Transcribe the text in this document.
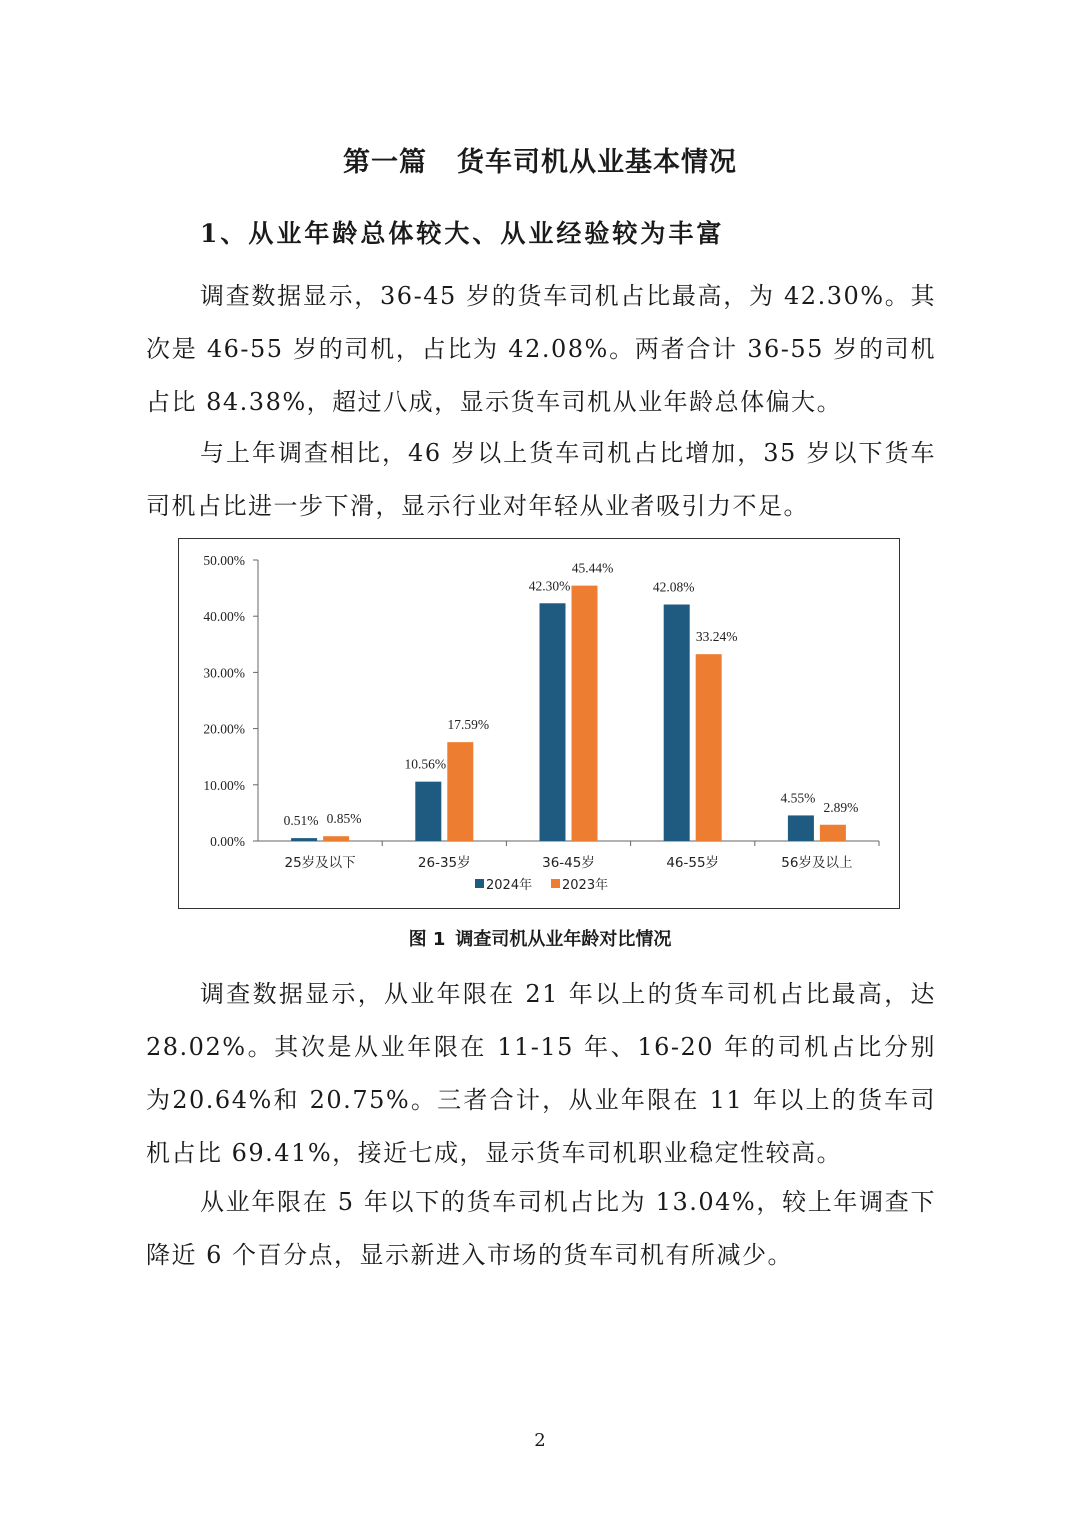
第一篇 货车司机从业基本情况
1、从业年龄总体较大、从业经验较为丰富

调查数据显示，36-45 岁的货车司机占比最高，为 42.30%。其次是 46-55 岁的司机，占比为 42.08%。两者合计 36-55 岁的司机占比 84.38%，超过八成，显示货车司机从业年龄总体偏大。

与上年调查相比，46 岁以上货车司机占比增加，35 岁以下货车司机占比进一步下滑，显示行业对年轻从业者吸引力不足。

0.00%
10.00%
20.00%
30.00%
40.00%
50.00%
0.51% 0.85%
25岁及以下
10.56%
17.59%
26-35岁
42.30%
45.44%
36-45岁
42.08%
33.24%
46-55岁
4.55%
2.89%
56岁及以上
2024年 2023年
图 1 调查司机从业年龄对比情况

调查数据显示，从业年限在 21 年以上的货车司机占比最高，达28.02%。其次是从业年限在 11-15 年、16-20 年的司机占比分别为20.64%和 20.75%。三者合计，从业年限在 11 年以上的货车司机占比 69.41%，接近七成，显示货车司机职业稳定性较高。

从业年限在 5 年以下的货车司机占比为 13.04%，较上年调查下降近 6 个百分点，显示新进入市场的货车司机有所减少。

2
